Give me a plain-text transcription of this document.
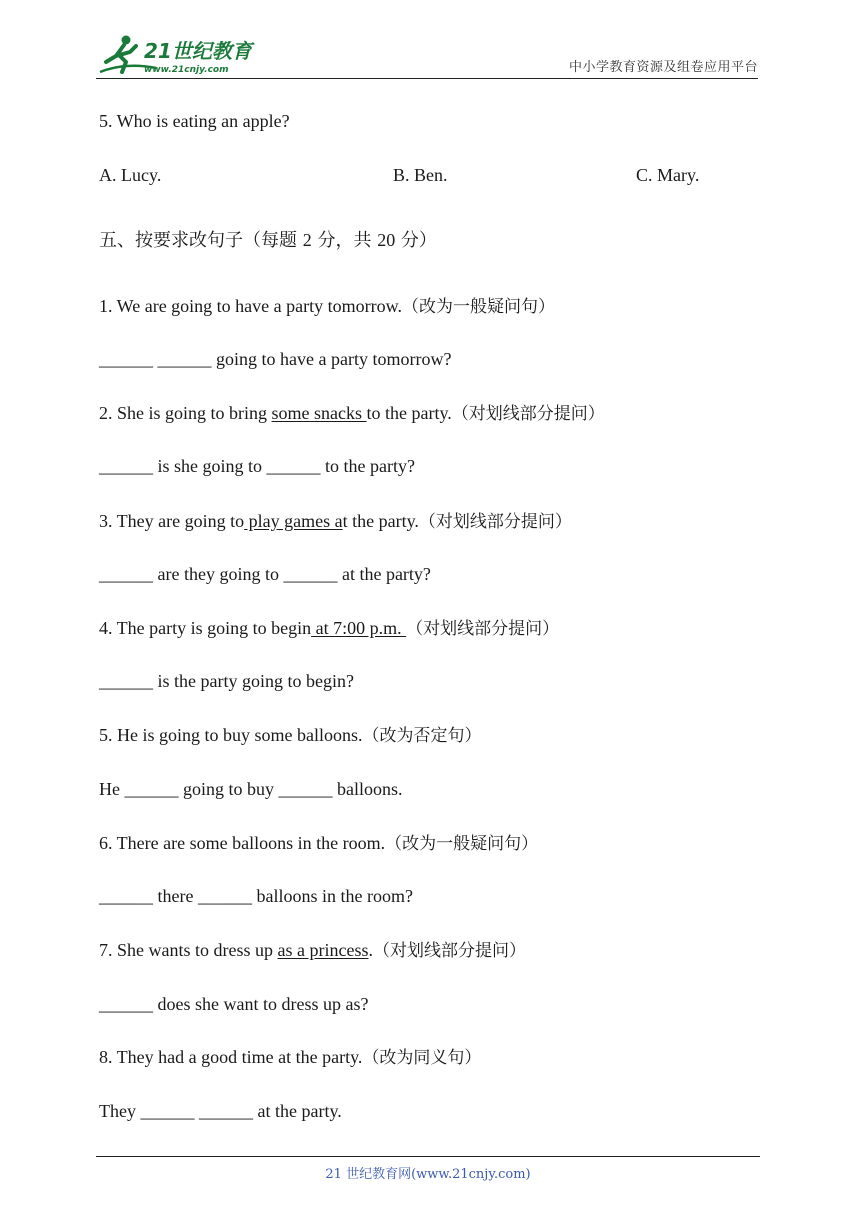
21世纪教育
www.21cnjy.com	中小学教育资源及组卷应用平台
5. Who is eating an apple?
A. Lucy.	B. Ben.	C. Mary.
五、按要求改句子（每题 2 分，共 20 分）
1. We are going to have a party tomorrow.（改为一般疑问句）
______ ______ going to have a party tomorrow?
2. She is going to bring some snacks to the party.（对划线部分提问）
______ is she going to ______ to the party?
3. They are going to play games at the party.（对划线部分提问）
______ are they going to ______ at the party?
4. The party is going to begin at 7:00 p.m. （对划线部分提问）
______ is the party going to begin?
5. He is going to buy some balloons.（改为否定句）
He ______ going to buy ______ balloons.
6. There are some balloons in the room.（改为一般疑问句）
______ there ______ balloons in the room?
7. She wants to dress up as a princess.（对划线部分提问）
______ does she want to dress up as?
8. They had a good time at the party.（改为同义句）
They ______ ______ at the party.
21 世纪教育网(www.21cnjy.com)
